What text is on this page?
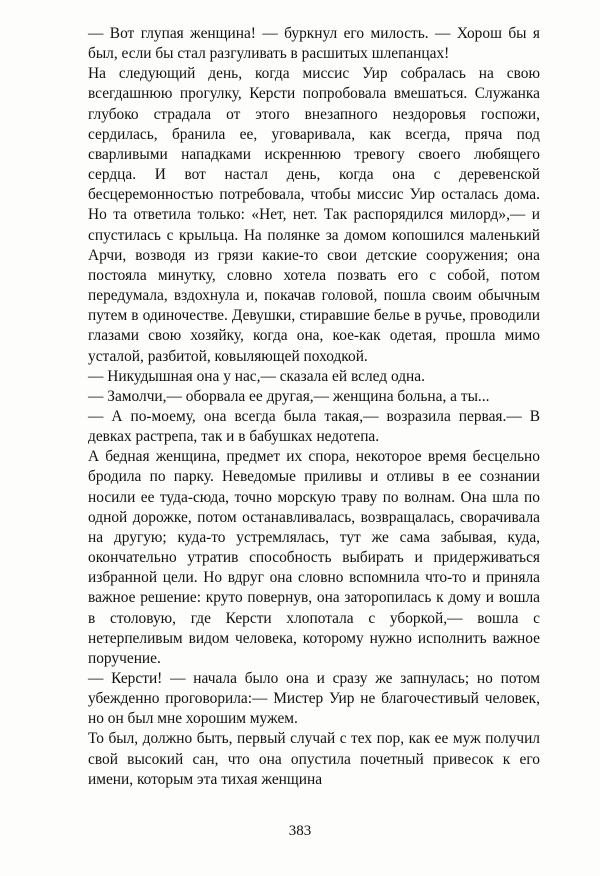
— Вот глупая женщина! — буркнул его милость. — Хорош бы я был, если бы стал разгуливать в расшитых шлепанцах!

На следующий день, когда миссис Уир собралась на свою всегдашнюю прогулку, Керсти попробовала вмешаться. Служанка глубоко страдала от этого внезапного нездоровья госпожи, сердилась, бранила ее, уговаривала, как всегда, пряча под сварливыми нападками искреннюю тревогу своего любящего сердца. И вот настал день, когда она с деревенской бесцеремонностью потребовала, чтобы миссис Уир осталась дома. Но та ответила только: «Нет, нет. Так распорядился милорд»,— и спустилась с крыльца. На полянке за домом копошился маленький Арчи, возводя из грязи какие-то свои детские сооружения; она постояла минутку, словно хотела позвать его с собой, потом передумала, вздохнула и, покачав головой, пошла своим обычным путем в одиночестве. Девушки, стиравшие белье в ручье, проводили глазами свою хозяйку, когда она, кое-как одетая, прошла мимо усталой, разбитой, ковыляющей походкой.

— Никудышная она у нас,— сказала ей вслед одна.

— Замолчи,— оборвала ее другая,— женщина больна, а ты...

— А по-моему, она всегда была такая,— возразила первая.— В девках растрепа, так и в бабушках недотепа.

А бедная женщина, предмет их спора, некоторое время бесцельно бродила по парку. Неведомые приливы и отливы в ее сознании носили ее туда-сюда, точно морскую траву по волнам. Она шла по одной дорожке, потом останавливалась, возвращалась, сворачивала на другую; куда-то устремлялась, тут же сама забывая, куда, окончательно утратив способность выбирать и придерживаться избранной цели. Но вдруг она словно вспомнила что-то и приняла важное решение: круто повернув, она заторопилась к дому и вошла в столовую, где Керсти хлопотала с уборкой,— вошла с нетерпеливым видом человека, которому нужно исполнить важное поручение.

— Керсти! — начала было она и сразу же запнулась; но потом убежденно проговорила:— Мистер Уир не благочестивый человек, но он был мне хорошим мужем.

То был, должно быть, первый случай с тех пор, как ее муж получил свой высокий сан, что она опустила почетный привесок к его имени, которым эта тихая женщина

383
